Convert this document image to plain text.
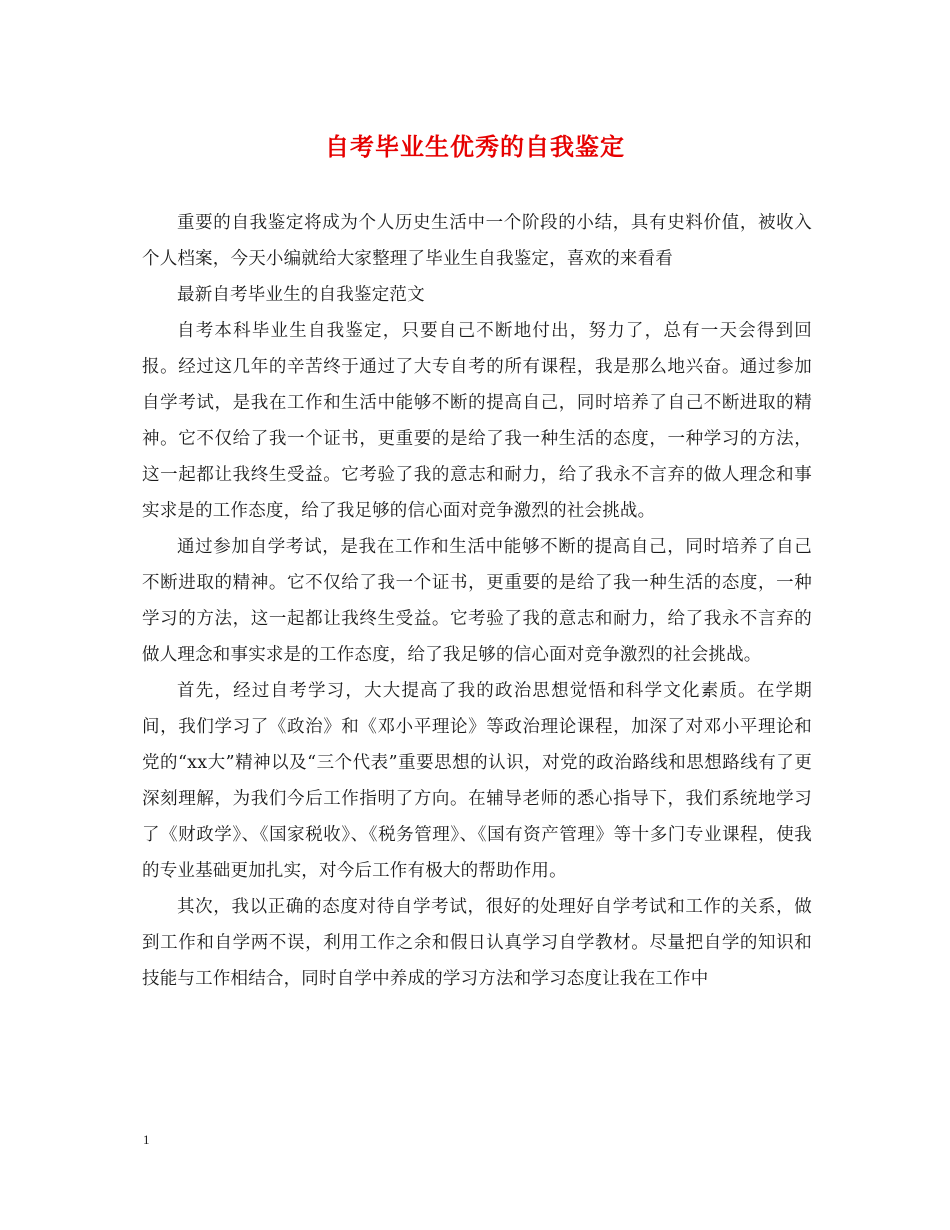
自考毕业生优秀的自我鉴定

重要的自我鉴定将成为个人历史生活中一个阶段的小结，具有史料价值，被收入个人档案，今天小编就给大家整理了毕业生自我鉴定，喜欢的来看看

最新自考毕业生的自我鉴定范文

自考本科毕业生自我鉴定，只要自己不断地付出，努力了，总有一天会得到回报。经过这几年的辛苦终于通过了大专自考的所有课程，我是那么地兴奋。通过参加自学考试，是我在工作和生活中能够不断的提高自己，同时培养了自己不断进取的精神。它不仅给了我一个证书，更重要的是给了我一种生活的态度，一种学习的方法，这一起都让我终生受益。它考验了我的意志和耐力，给了我永不言弃的做人理念和事实求是的工作态度，给了我足够的信心面对竞争激烈的社会挑战。

通过参加自学考试，是我在工作和生活中能够不断的提高自己，同时培养了自己不断进取的精神。它不仅给了我一个证书，更重要的是给了我一种生活的态度，一种学习的方法，这一起都让我终生受益。它考验了我的意志和耐力，给了我永不言弃的做人理念和事实求是的工作态度，给了我足够的信心面对竞争激烈的社会挑战。

首先，经过自考学习，大大提高了我的政治思想觉悟和科学文化素质。在学期间，我们学习了《政治》和《邓小平理论》等政治理论课程，加深了对邓小平理论和党的“xx大”精神以及“三个代表”重要思想的认识，对党的政治路线和思想路线有了更深刻理解，为我们今后工作指明了方向。在辅导老师的悉心指导下，我们系统地学习了《财政学》、《国家税收》、《税务管理》、《国有资产管理》等十多门专业课程，使我的专业基础更加扎实，对今后工作有极大的帮助作用。

其次，我以正确的态度对待自学考试，很好的处理好自学考试和工作的关系，做到工作和自学两不误，利用工作之余和假日认真学习自学教材。尽量把自学的知识和技能与工作相结合，同时自学中养成的学习方法和学习态度让我在工作中

1
